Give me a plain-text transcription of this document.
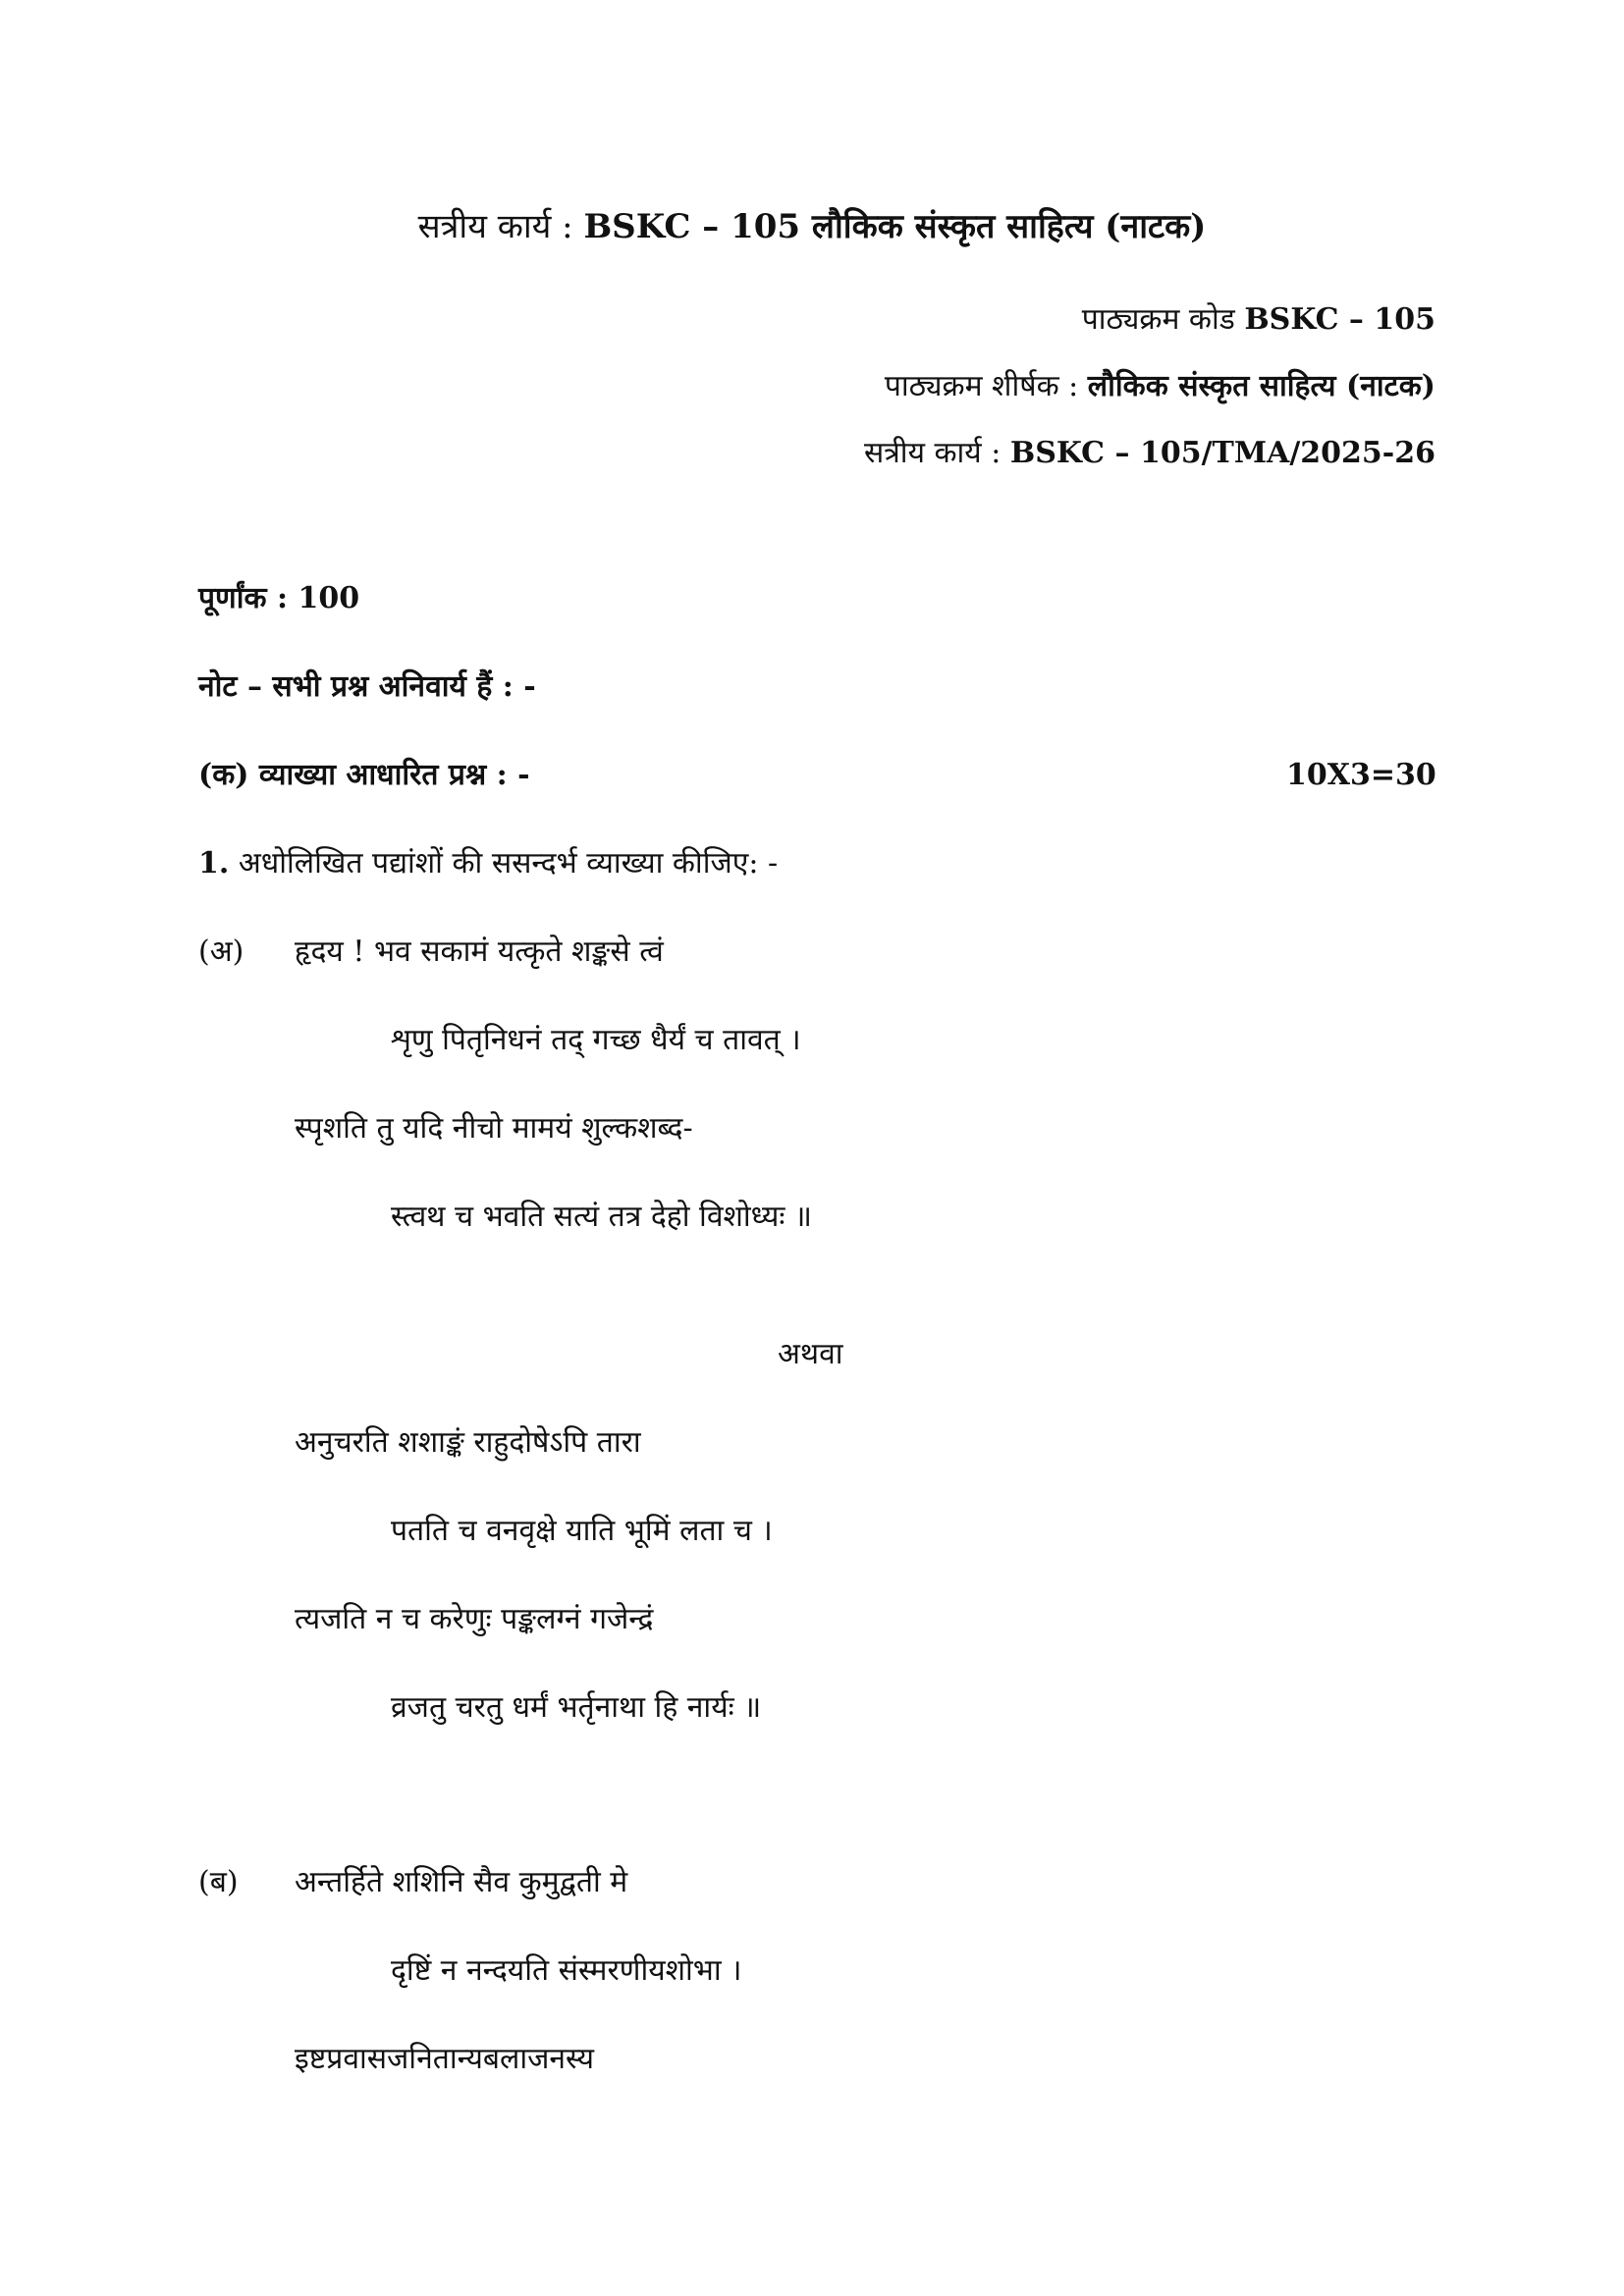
सत्रीय कार्य : BSKC – 105 लौकिक संस्कृत साहित्य (नाटक)
पाठ्यक्रम कोड BSKC – 105
पाठ्यक्रम शीर्षक : लौकिक संस्कृत साहित्य (नाटक)
सत्रीय कार्य : BSKC – 105/TMA/2025-26
पूर्णांक : 100
नोट – सभी प्रश्न अनिवार्य हैं : -
(क) व्याख्या आधारित प्रश्न : -	10X3=30
1. अधोलिखित पद्यांशों की ससन्दर्भ व्याख्या कीजिए: -
(अ) हृदय ! भव सकामं यत्कृते शङ्कसे त्वं
शृणु पितृनिधनं तद् गच्छ धैर्यं च तावत् ।
स्पृशति तु यदि नीचो मामयं शुल्कशब्द-
स्त्वथ च भवति सत्यं तत्र देहो विशोध्यः ॥
अथवा
अनुचरति शशाङ्कं राहुदोषेऽपि तारा
पतति च वनवृक्षे याति भूमिं लता च ।
त्यजति न च करेणुः पङ्कलग्नं गजेन्द्रं
व्रजतु चरतु धर्मं भर्तृनाथा हि नार्यः ॥
(ब) अन्तर्हिते शशिनि सैव कुमुद्वती मे
दृष्टिं न नन्दयति संस्मरणीयशोभा ।
इष्टप्रवासजनितान्यबलाजनस्य
